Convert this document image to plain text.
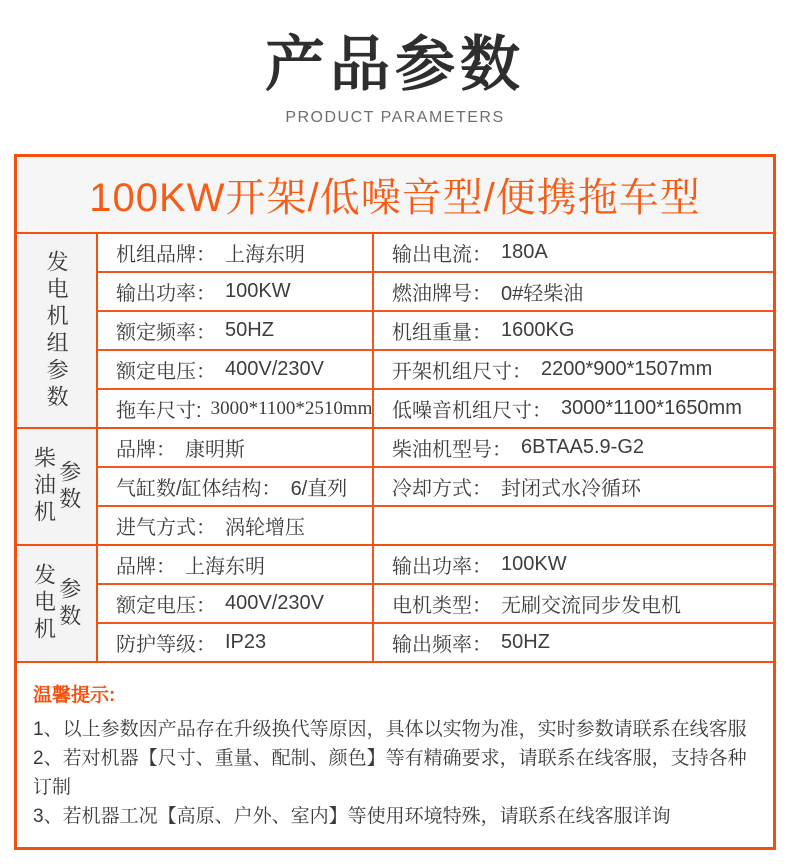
产品参数
PRODUCT PARAMETERS
100KW开架/低噪音型/便携拖车型
发电机组参数 机组品牌： 上海东明	输出电流： 180A
输出功率： 100KW	燃油牌号： 0#轻柴油
额定频率： 50HZ	机组重量： 1600KG
额定电压： 400V/230V	开架机组尺寸： 2200*900*1507mm
拖车尺寸: 3000*1100*2510mm 低噪音机组尺寸： 3000*1100*1650mm
柴油机 参数
品牌： 康明斯	柴油机型号： 6BTAA5.9-G2
气缸数/缸体结构： 6/直列 冷却方式： 封闭式水冷循环
进气方式： 涡轮增压
发电机 参数
品牌： 上海东明	输出功率： 100KW
额定电压： 400V/230V	电机类型： 无刷交流同步发电机
防护等级： IP23	输出频率： 50HZ
温馨提示:
1、以上参数因产品存在升级换代等原因，具体以实物为准，实时参数请联系在线客服
2、若对机器【尺寸、重量、配制、颜色】等有精确要求，请联系在线客服，支持各种订制
3、若机器工况【高原、户外、室内】等使用环境特殊，请联系在线客服详询
